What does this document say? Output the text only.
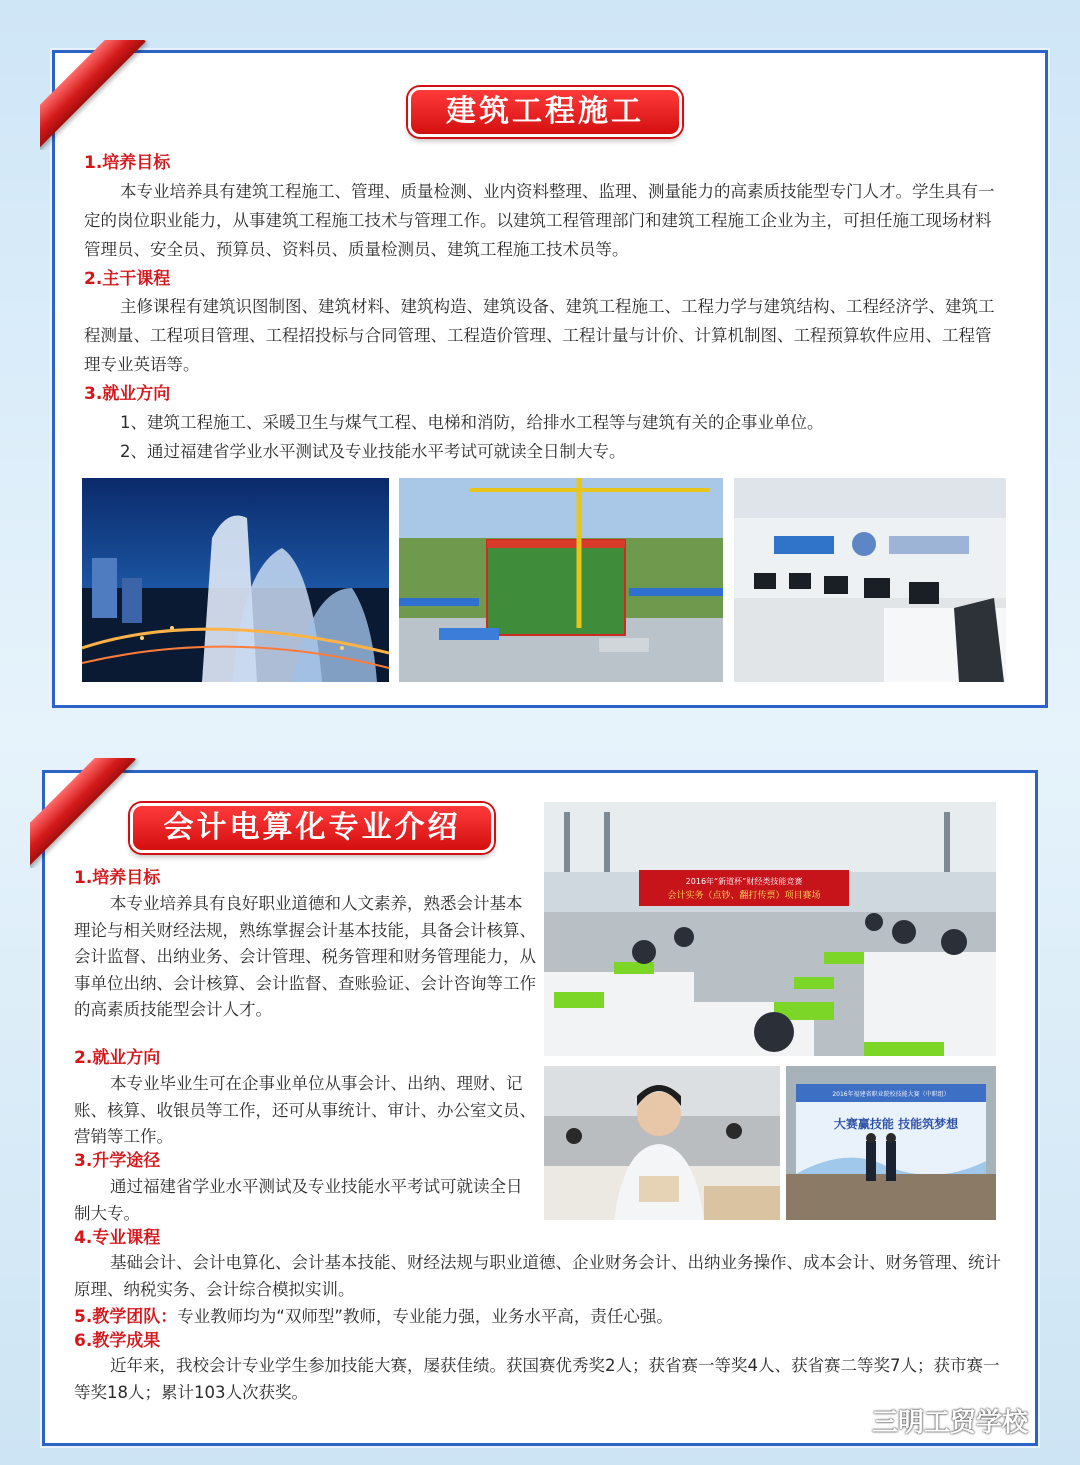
建筑工程施工
1.培养目标

本专业培养具有建筑工程施工、管理、质量检测、业内资料整理、监理、测量能力的高素质技能型专门人才。学生具有一定的岗位职业能力，从事建筑工程施工技术与管理工作。以建筑工程管理部门和建筑工程施工企业为主，可担任施工现场材料管理员、安全员、预算员、资料员、质量检测员、建筑工程施工技术员等。

2.主干课程

主修课程有建筑识图制图、建筑材料、建筑构造、建筑设备、建筑工程施工、工程力学与建筑结构、工程经济学、建筑工程测量、工程项目管理、工程招投标与合同管理、工程造价管理、工程计量与计价、计算机制图、工程预算软件应用、工程管理专业英语等。

3.就业方向

1、建筑工程施工、采暖卫生与煤气工程、电梯和消防，给排水工程等与建筑有关的企事业单位。

2、通过福建省学业水平测试及专业技能水平考试可就读全日制大专。

会计电算化专业介绍
1.培养目标

本专业培养具有良好职业道德和人文素养，熟悉会计基本理论与相关财经法规，熟练掌握会计基本技能，具备会计核算、会计监督、出纳业务、会计管理、税务管理和财务管理能力，从事单位出纳、会计核算、会计监督、查账验证、会计咨询等工作的高素质技能型会计人才。

2.就业方向

本专业毕业生可在企事业单位从事会计、出纳、理财、记账、核算、收银员等工作，还可从事统计、审计、办公室文员、营销等工作。

3.升学途径

通过福建省学业水平测试及专业技能水平考试可就读全日制大专。

4.专业课程

基础会计、会计电算化、会计基本技能、财经法规与职业道德、企业财务会计、出纳业务操作、成本会计、财务管理、统计原理、纳税实务、会计综合模拟实训。

5.教学团队：专业教师均为“双师型”教师，专业能力强，业务水平高，责任心强。
6.教学成果

近年来，我校会计专业学生参加技能大赛，屡获佳绩。获国赛优秀奖2人；获省赛一等奖4人、获省赛二等奖7人；获市赛一等奖18人；累计103人次获奖。

2016年“新道杯”财经类技能竞赛
会计实务（点钞、翻打传票）项目赛场
2016年福建省职业院校技能大赛（中职组）
大赛赢技能 技能筑梦想
三明工贸学校
